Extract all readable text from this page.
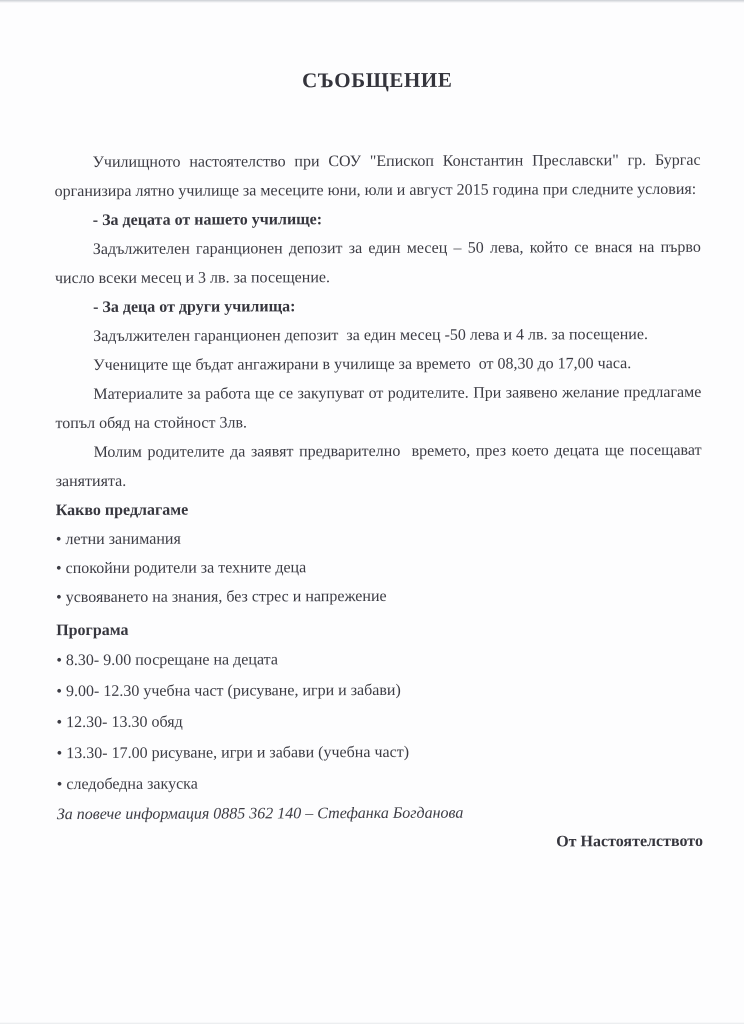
СЪОБЩЕНИЕ

Училищното настоятелство при СОУ "Епископ Константин Преславски" гр. Бургас организира лятно училище за месеците юни, юли и август 2015 година при следните условия:

- За децата от нашето училище:

Задължителен гаранционен депозит за един месец – 50 лева, който се внася на първо число всеки месец и 3 лв. за посещение.

- За деца от други училища:

Задължителен гаранционен депозит  за един месец -50 лева и 4 лв. за посещение.

Учениците ще бъдат ангажирани в училище за времето  от 08,30 до 17,00 часа.

Материалите за работа ще се закупуват от родителите. При заявено желание предлагаме топъл обяд на стойност 3лв.

Молим родителите да заявят предварително  времето, през което децата ще посещават занятията.

Какво предлагаме

• летни занимания
• спокойни родители за техните деца
• усвояването на знания, без стрес и напрежение

Програма

• 8.30- 9.00 посрещане на децата
• 9.00- 12.30 учебна част (рисуване, игри и забави)
• 12.30- 13.30 обяд
• 13.30- 17.00 рисуване, игри и забави (учебна част)
• следобедна закуска

За повече информация 0885 362 140 – Стефанка Богданова

От Настоятелството
